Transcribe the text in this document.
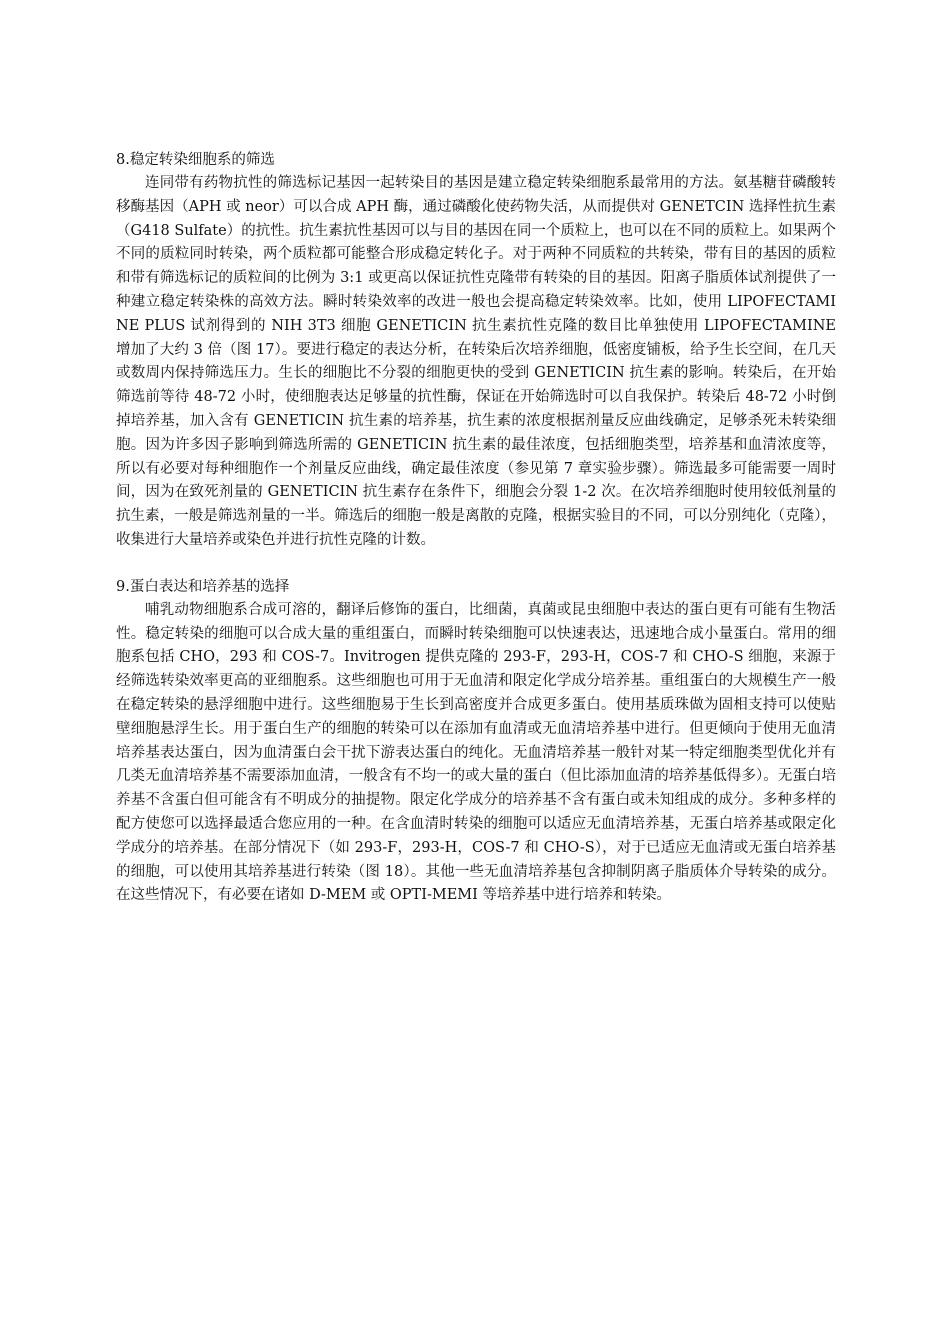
8.稳定转染细胞系的筛选

连同带有药物抗性的筛选标记基因一起转染目的基因是建立稳定转染细胞系最常用的方法。氨基糖苷磷酸转移酶基因（APH 或 neor）可以合成 APH 酶，通过磷酸化使药物失活，从而提供对 GENETCIN 选择性抗生素（G418 Sulfate）的抗性。抗生素抗性基因可以与目的基因在同一个质粒上，也可以在不同的质粒上。如果两个不同的质粒同时转染，两个质粒都可能整合形成稳定转化子。对于两种不同质粒的共转染，带有目的基因的质粒和带有筛选标记的质粒间的比例为 3:1 或更高以保证抗性克隆带有转染的目的基因。阳离子脂质体试剂提供了一种建立稳定转染株的高效方法。瞬时转染效率的改进一般也会提高稳定转染效率。比如，使用 LIPOFECTAMINE PLUS 试剂得到的 NIH 3T3 细胞 GENETICIN 抗生素抗性克隆的数目比单独使用 LIPOFECTAMINE 增加了大约 3 倍（图 17）。要进行稳定的表达分析，在转染后次培养细胞，低密度铺板，给予生长空间，在几天或数周内保持筛选压力。生长的细胞比不分裂的细胞更快的受到 GENETICIN 抗生素的影响。转染后，在开始筛选前等待 48-72 小时，使细胞表达足够量的抗性酶，保证在开始筛选时可以自我保护。转染后 48-72 小时倒掉培养基，加入含有 GENETICIN 抗生素的培养基，抗生素的浓度根据剂量反应曲线确定，足够杀死未转染细胞。因为许多因子影响到筛选所需的 GENETICIN 抗生素的最佳浓度，包括细胞类型，培养基和血清浓度等，所以有必要对每种细胞作一个剂量反应曲线，确定最佳浓度（参见第 7 章实验步骤）。筛选最多可能需要一周时间，因为在致死剂量的 GENETICIN 抗生素存在条件下，细胞会分裂 1-2 次。在次培养细胞时使用较低剂量的抗生素，一般是筛选剂量的一半。筛选后的细胞一般是离散的克隆，根据实验目的不同，可以分别纯化（克隆），收集进行大量培养或染色并进行抗性克隆的计数。

9.蛋白表达和培养基的选择

哺乳动物细胞系合成可溶的，翻译后修饰的蛋白，比细菌，真菌或昆虫细胞中表达的蛋白更有可能有生物活性。稳定转染的细胞可以合成大量的重组蛋白，而瞬时转染细胞可以快速表达，迅速地合成小量蛋白。常用的细胞系包括 CHO，293 和 COS-7。Invitrogen 提供克隆的 293-F，293-H，COS-7 和 CHO-S 细胞，来源于经筛选转染效率更高的亚细胞系。这些细胞也可用于无血清和限定化学成分培养基。重组蛋白的大规模生产一般在稳定转染的悬浮细胞中进行。这些细胞易于生长到高密度并合成更多蛋白。使用基质珠做为固相支持可以使贴壁细胞悬浮生长。用于蛋白生产的细胞的转染可以在添加有血清或无血清培养基中进行。但更倾向于使用无血清培养基表达蛋白，因为血清蛋白会干扰下游表达蛋白的纯化。无血清培养基一般针对某一特定细胞类型优化并有几类无血清培养基不需要添加血清，一般含有不均一的或大量的蛋白（但比添加血清的培养基低得多）。无蛋白培养基不含蛋白但可能含有不明成分的抽提物。限定化学成分的培养基不含有蛋白或未知组成的成分。多种多样的配方使您可以选择最适合您应用的一种。在含血清时转染的细胞可以适应无血清培养基，无蛋白培养基或限定化学成分的培养基。在部分情况下（如 293-F，293-H，COS-7 和 CHO-S），对于已适应无血清或无蛋白培养基的细胞，可以使用其培养基进行转染（图 18）。其他一些无血清培养基包含抑制阴离子脂质体介导转染的成分。在这些情况下，有必要在诸如 D-MEM 或 OPTI-MEMⅠ 等培养基中进行培养和转染。
